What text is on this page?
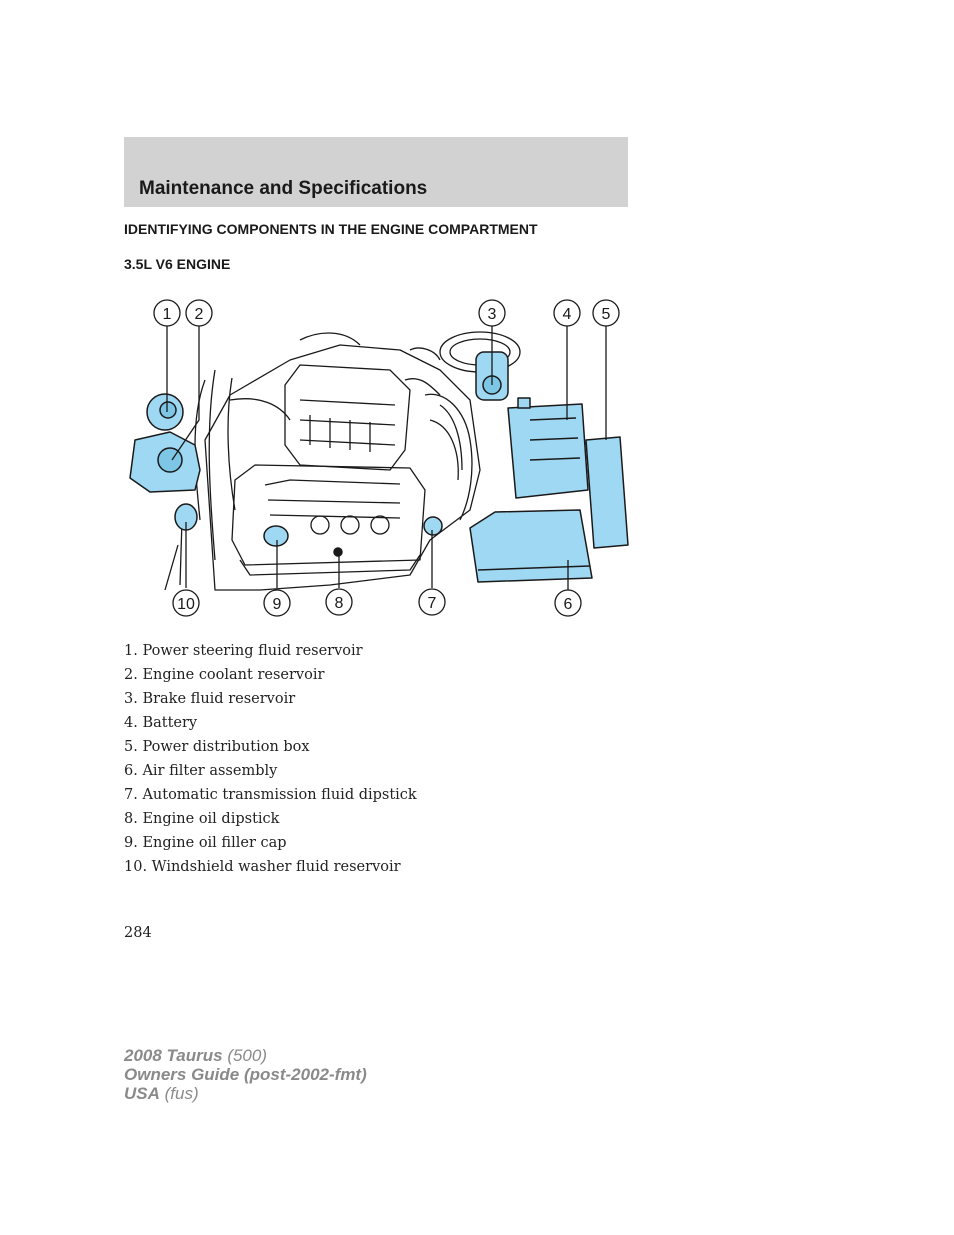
Maintenance and Specifications
IDENTIFYING COMPONENTS IN THE ENGINE COMPARTMENT
3.5L V6 ENGINE
1 2	3	4 5
6
7
8
9
10
1. Power steering fluid reservoir
2. Engine coolant reservoir
3. Brake fluid reservoir
4. Battery
5. Power distribution box
6. Air filter assembly
7. Automatic transmission fluid dipstick
8. Engine oil dipstick
9. Engine oil filler cap
10. Windshield washer fluid reservoir
284
2008 Taurus (500)
Owners Guide (post-2002-fmt)
USA (fus)
